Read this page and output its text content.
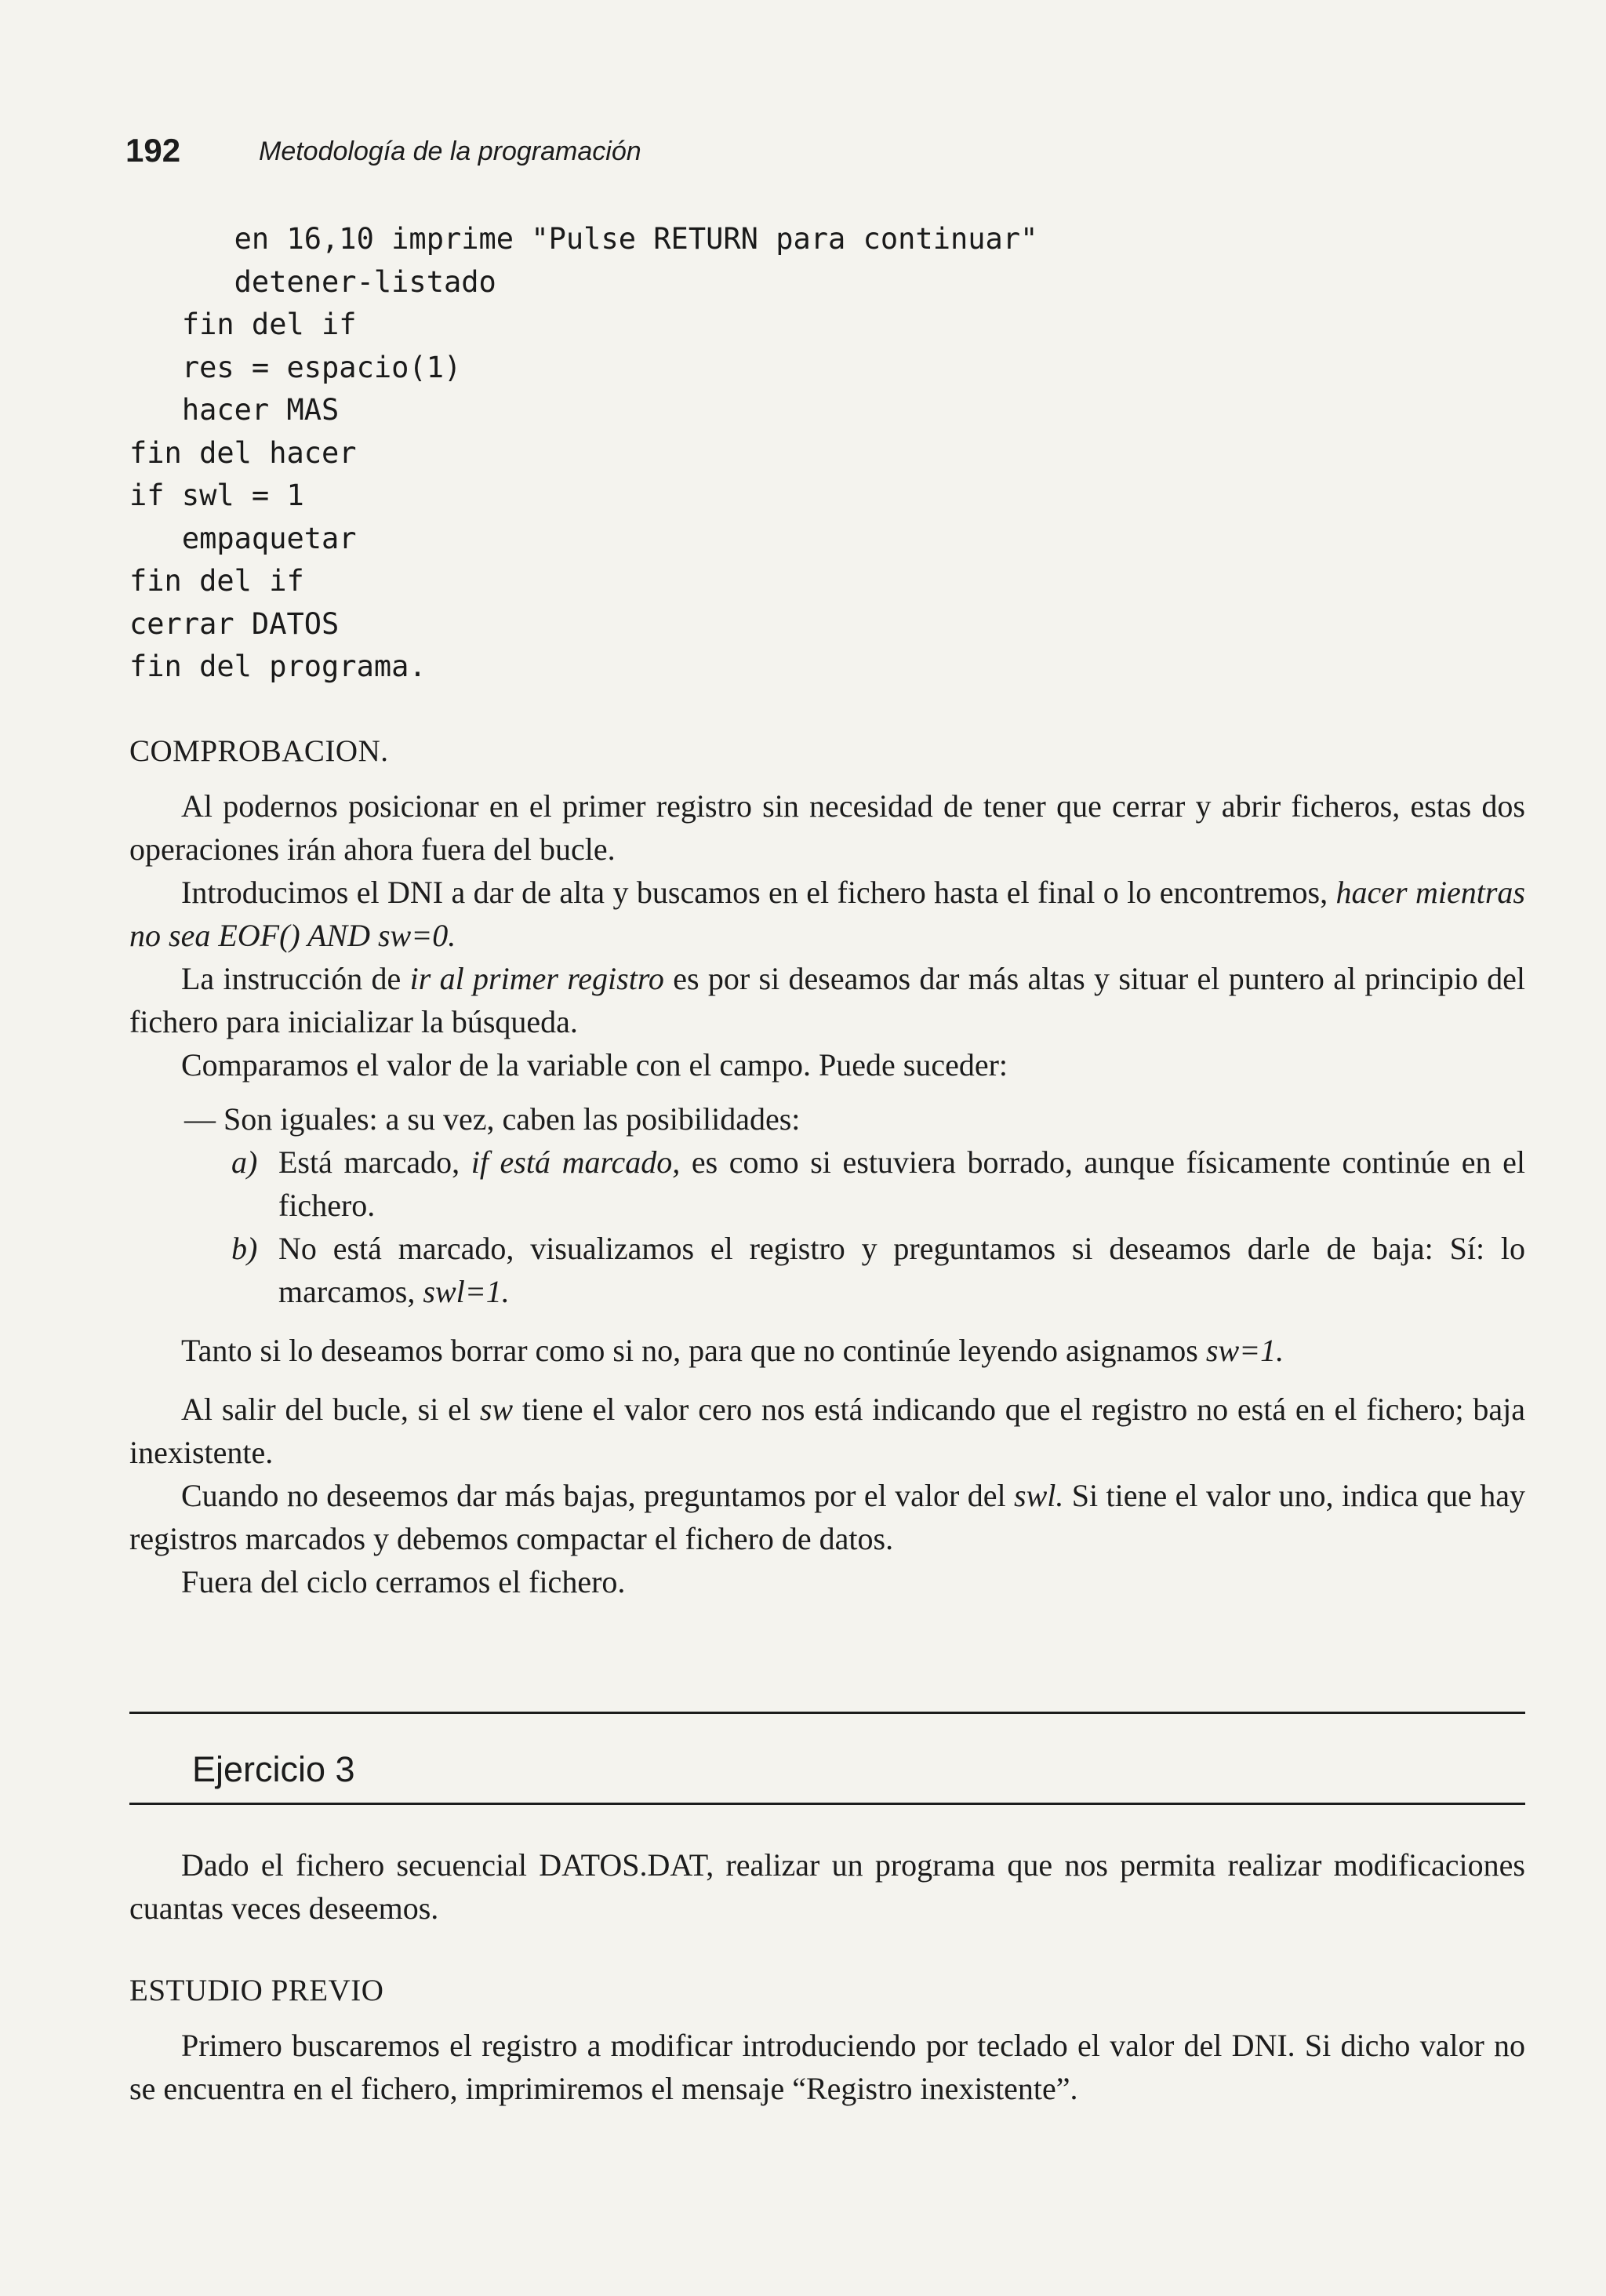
192	Metodología de la programación
en 16,10 imprime "Pulse RETURN para continuar"
detener-listado
fin del if
res = espacio(1)
hacer MAS
fin del hacer
if swl = 1
empaquetar
fin del if
cerrar DATOS
fin del programa.
COMPROBACION.

Al podernos posicionar en el primer registro sin necesidad de tener que cerrar y abrir ficheros, estas dos operaciones irán ahora fuera del bucle.

Introducimos el DNI a dar de alta y buscamos en el fichero hasta el final o lo encontremos, hacer mientras no sea EOF() AND sw=0.

La instrucción de ir al primer registro es por si deseamos dar más altas y situar el puntero al principio del fichero para inicializar la búsqueda.

Comparamos el valor de la variable con el campo. Puede suceder:

— Son iguales: a su vez, caben las posibilidades:

a) Está marcado, if está marcado, es como si estuviera borrado, aunque físicamente continúe en el fichero.

b) No está marcado, visualizamos el registro y preguntamos si deseamos darle de baja: Sí: lo marcamos, swl=1.

Tanto si lo deseamos borrar como si no, para que no continúe leyendo asignamos sw=1.

Al salir del bucle, si el sw tiene el valor cero nos está indicando que el registro no está en el fichero; baja inexistente.

Cuando no deseemos dar más bajas, preguntamos por el valor del swl. Si tiene el valor uno, indica que hay registros marcados y debemos compactar el fichero de datos.

Fuera del ciclo cerramos el fichero.

Ejercicio 3

Dado el fichero secuencial DATOS.DAT, realizar un programa que nos permita realizar modificaciones cuantas veces deseemos.

ESTUDIO PREVIO

Primero buscaremos el registro a modificar introduciendo por teclado el valor del DNI. Si dicho valor no se encuentra en el fichero, imprimiremos el mensaje “Registro inexistente”.
